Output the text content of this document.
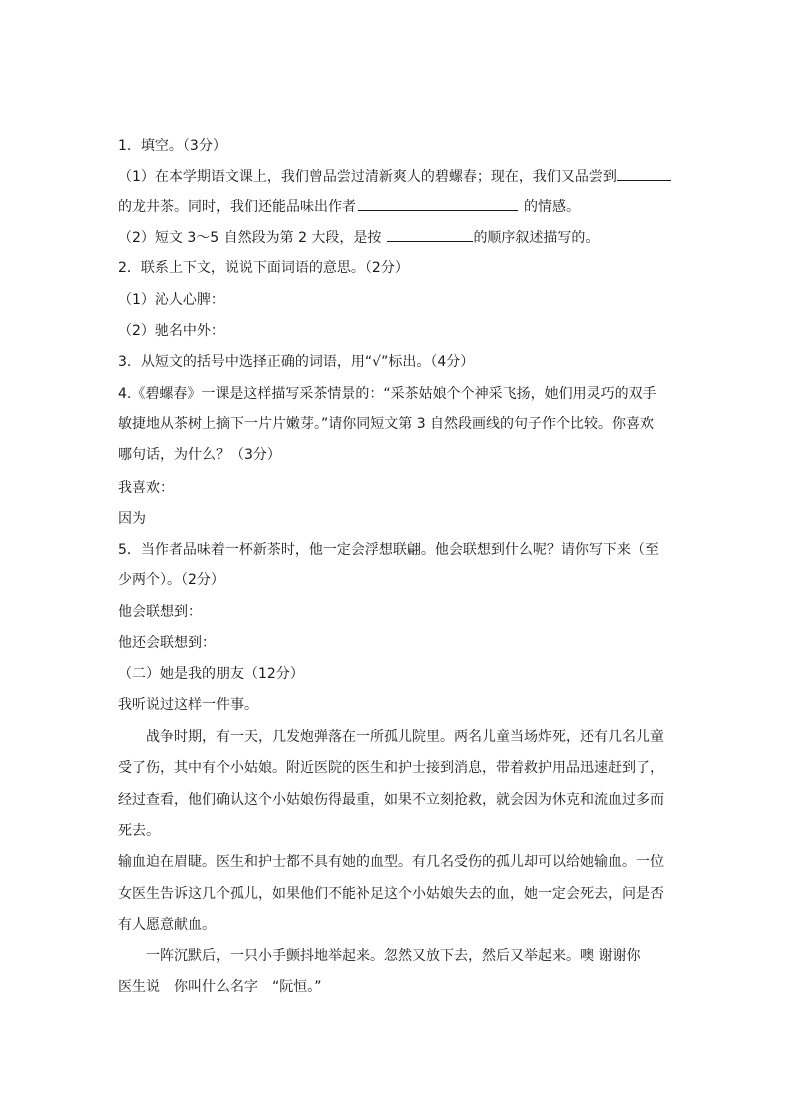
1．填空。（3分）
（1）在本学期语文课上，我们曾品尝过清新爽人的碧螺春；现在，我们又品尝到
的龙井茶。同时，我们还能品味出作者	的情感。
（2）短文 3～5 自然段为第 2 大段，是按	的顺序叙述描写的。
2．联系上下文，说说下面词语的意思。（2分）
（1）沁人心脾：
（2）驰名中外：
3．从短文的括号中选择正确的词语，用“√”标出。（4分）
4.《碧螺春》一课是这样描写采茶情景的：“采茶姑娘个个神采飞扬，她们用灵巧的双手
敏捷地从茶树上摘下一片片嫩芽。”请你同短文第 3 自然段画线的句子作个比较。你喜欢
哪句话，为什么？（3分）
我喜欢：
因为
5．当作者品味着一杯新茶时，他一定会浮想联翩。他会联想到什么呢？请你写下来（至
少两个）。（2分）
他会联想到：
他还会联想到：
（二）她是我的朋友（12分）
我听说过这样一件事。
战争时期，有一天，几发炮弹落在一所孤儿院里。两名儿童当场炸死，还有几名儿童
受了伤，其中有个小姑娘。附近医院的医生和护士接到消息，带着救护用品迅速赶到了，
经过查看，他们确认这个小姑娘伤得最重，如果不立刻抢救，就会因为休克和流血过多而
死去。
输血迫在眉睫。医生和护士都不具有她的血型。有几名受伤的孤儿却可以给她输血。一位
女医生告诉这几个孤儿，如果他们不能补足这个小姑娘失去的血，她一定会死去，问是否
有人愿意献血。
一阵沉默后，一只小手颤抖地举起来。忽然又放下去，然后又举起来。噢 谢谢你
医生说　你叫什么名字　“阮恒。”
